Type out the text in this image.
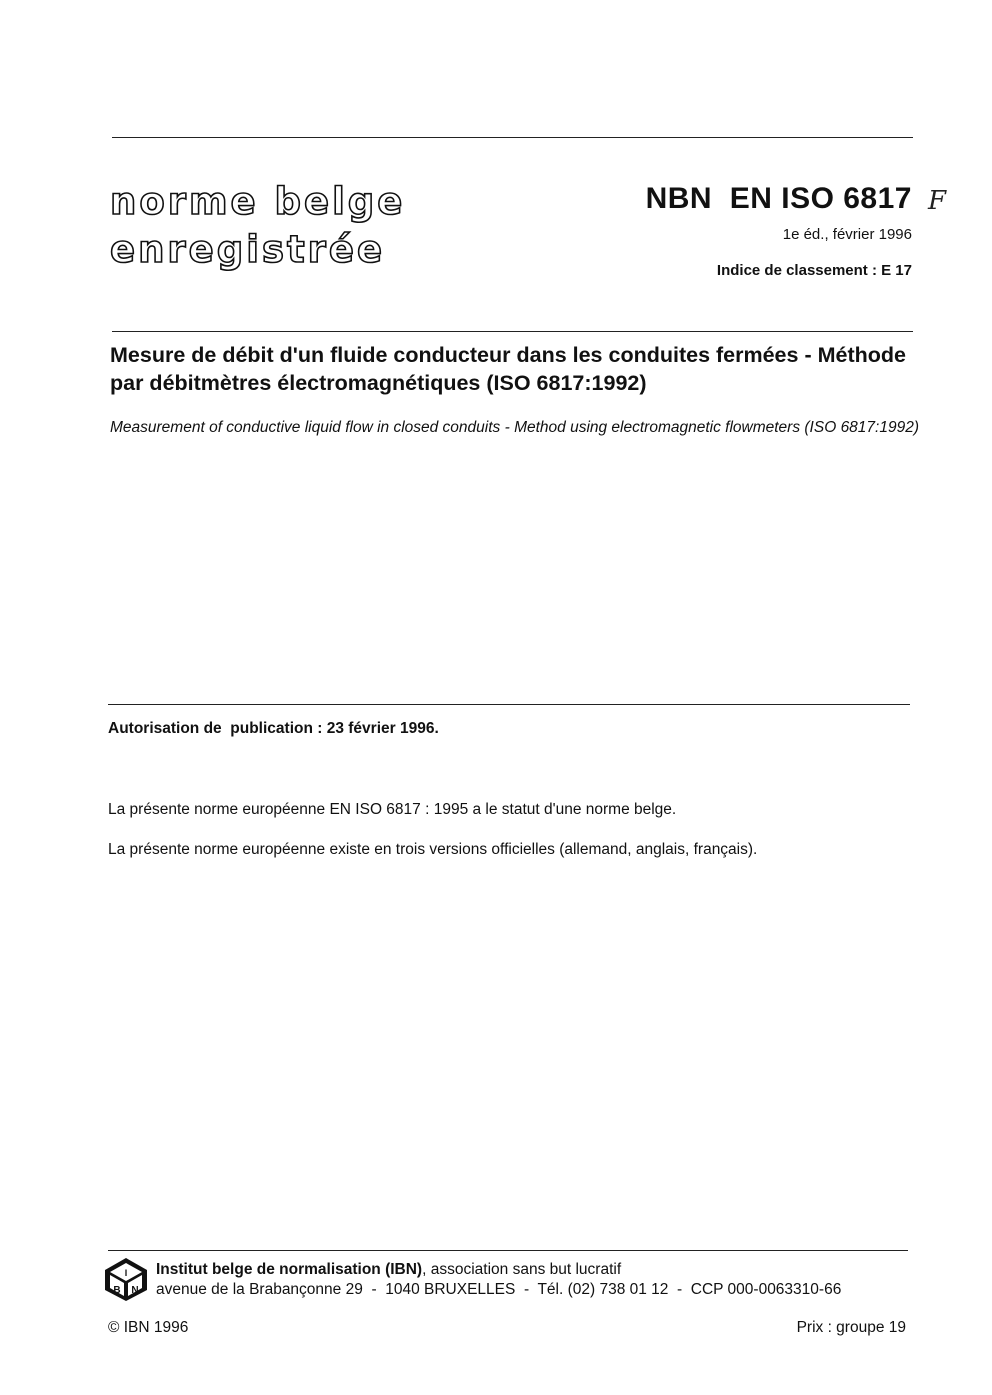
norme belge
enregistrée
NBN  EN ISO 6817 F
1e éd., février 1996
Indice de classement : E 17
Mesure de débit d'un fluide conducteur dans les conduites fermées - Méthode par débitmètres électromagnétiques (ISO 6817:1992)
Measurement of conductive liquid flow in closed conduits - Method using electromagnetic flowmeters (ISO 6817:1992)
Autorisation de  publication : 23 février 1996.
La présente norme européenne EN ISO 6817 : 1995 a le statut d'une norme belge.
La présente norme européenne existe en trois versions officielles (allemand, anglais, français).
I
B N
Institut belge de normalisation (IBN), association sans but lucratif
avenue de la Brabançonne 29  -  1040 BRUXELLES  -  Tél. (02) 738 01 12  -  CCP 000-0063310-66
© IBN 1996	Prix : groupe 19
